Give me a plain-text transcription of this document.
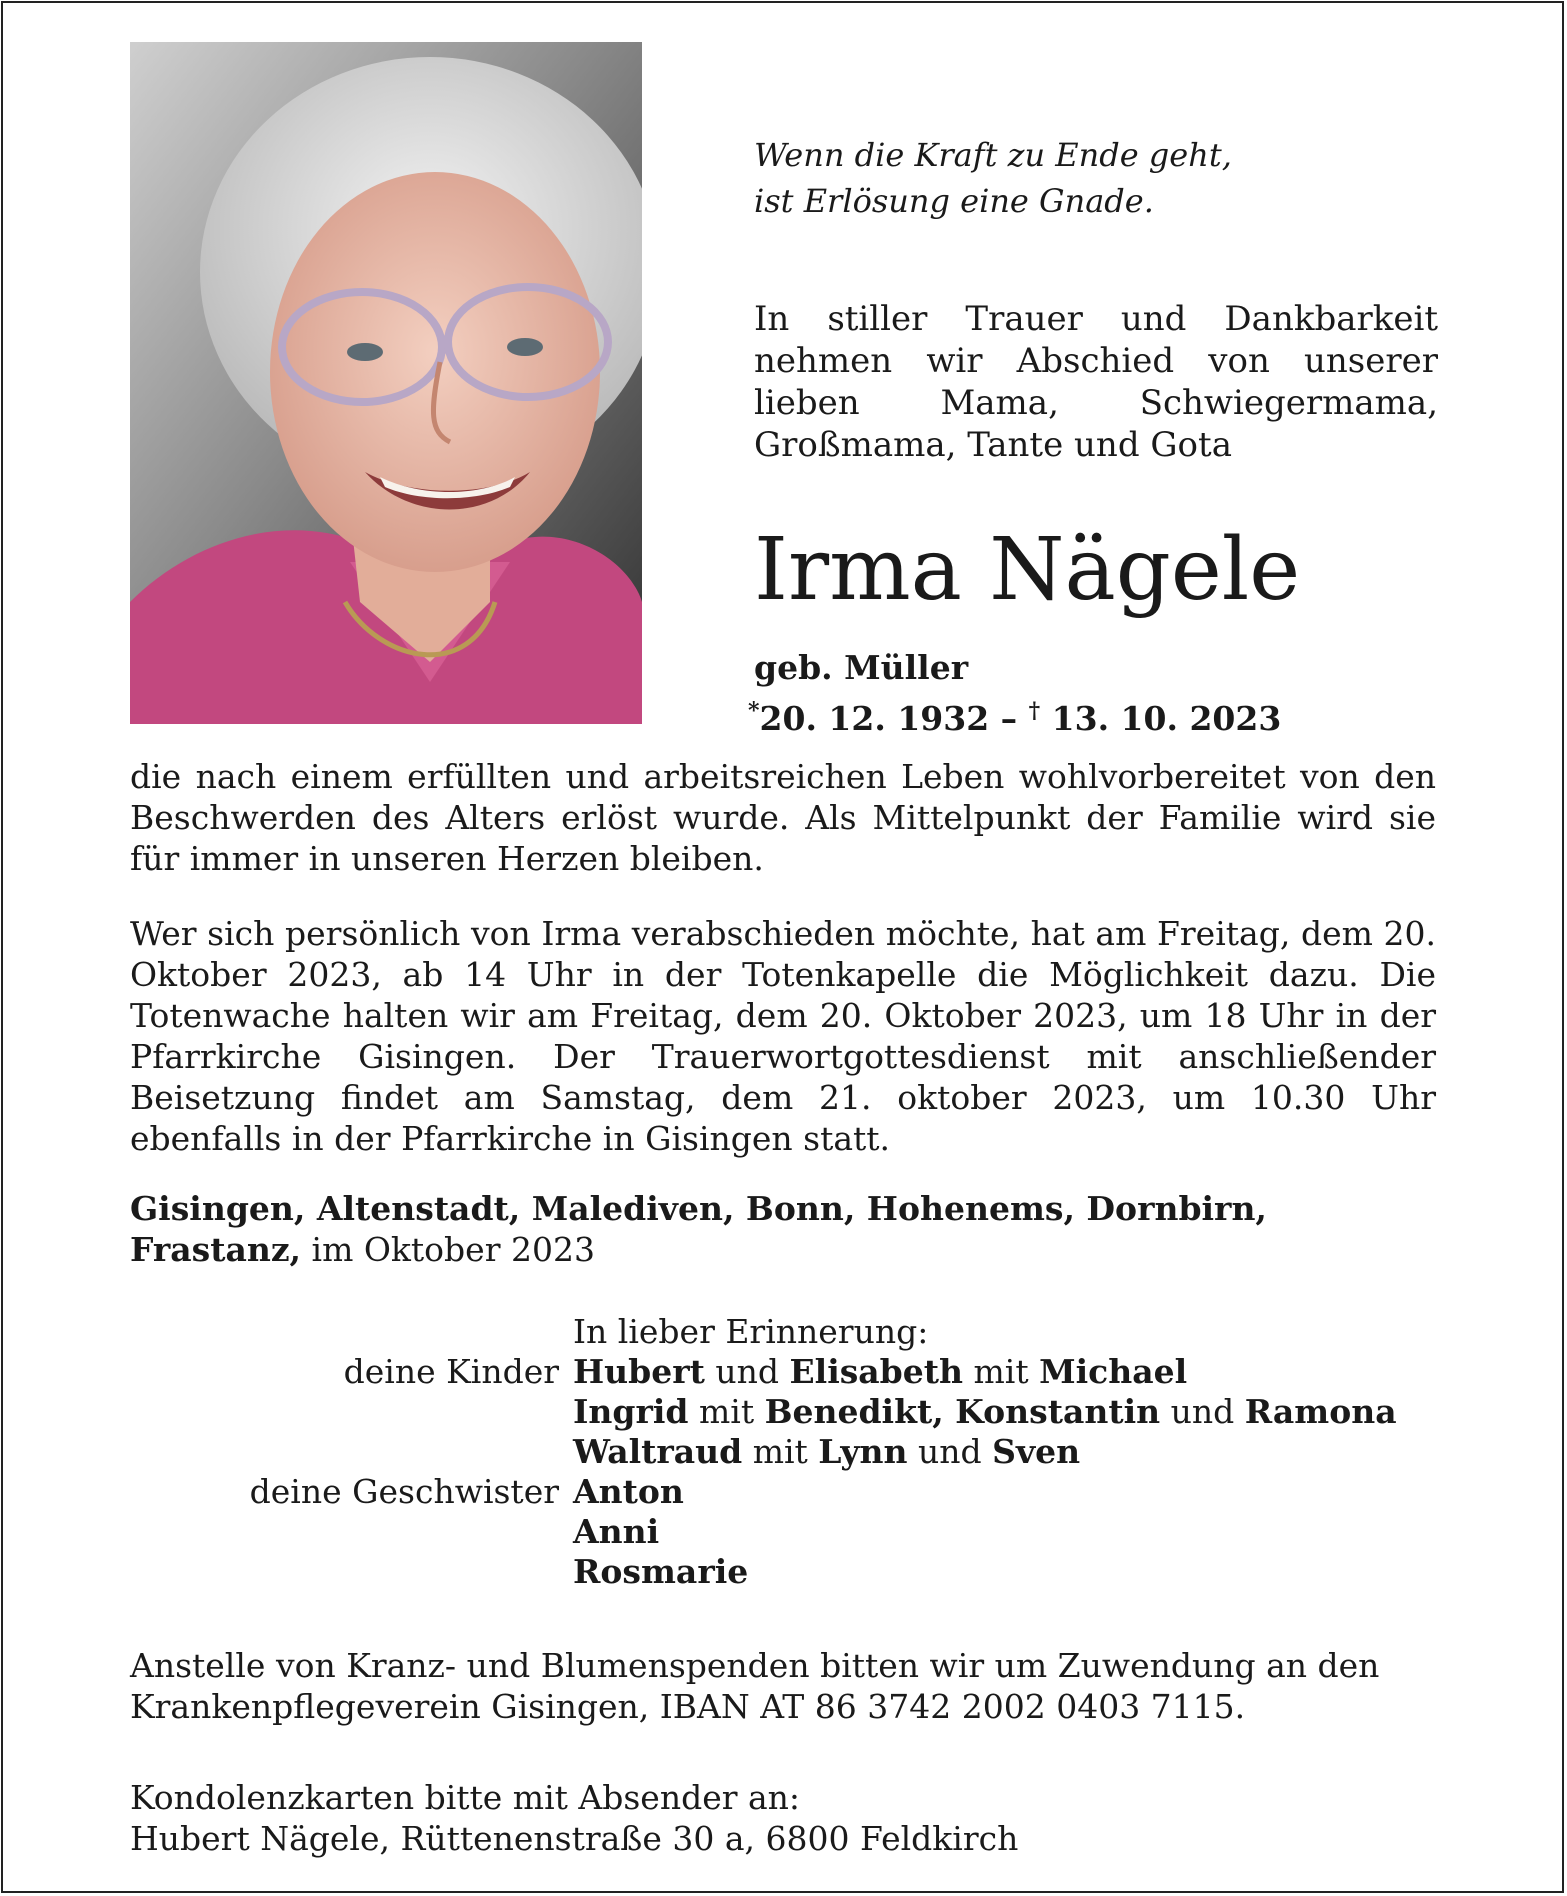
Wenn die Kraft zu Ende geht,
ist Erlösung eine Gnade.
In stiller Trauer und Dankbarkeit nehmen wir Abschied von unserer lieben Mama, Schwiegermama, Großmama, Tante und Gota
Irma Nägele
geb. Müller
*20. 12. 1932 – † 13. 10. 2023
die nach einem erfüllten und arbeitsreichen Leben wohlvorbereitet von den Beschwerden des Alters erlöst wurde. Als Mittelpunkt der Familie wird sie für immer in unseren Herzen bleiben.
Wer sich persönlich von Irma verabschieden möchte, hat am Freitag, dem 20. Oktober 2023, ab 14 Uhr in der Totenkapelle die Möglichkeit dazu. Die Totenwache halten wir am Freitag, dem 20. Oktober 2023, um 18 Uhr in der Pfarrkirche Gisingen. Der Trauerwortgottesdienst mit anschließender Beisetzung findet am Samstag, dem 21. oktober 2023, um 10.30 Uhr ebenfalls in der Pfarrkirche in Gisingen statt.
Gisingen, Altenstadt, Malediven, Bonn, Hohenems, Dornbirn,
Frastanz, im Oktober 2023
In lieber Erinnerung:
deine Kinder Hubert und Elisabeth mit Michael
Ingrid mit Benedikt, Konstantin und Ramona
Waltraud mit Lynn und Sven
deine Geschwister Anton
Anni
Rosmarie
Anstelle von Kranz- und Blumenspenden bitten wir um Zuwendung an den
Krankenpflegeverein Gisingen, IBAN AT 86 3742 2002 0403 7115.
Kondolenzkarten bitte mit Absender an:
Hubert Nägele, Rüttenenstraße 30 a, 6800 Feldkirch
